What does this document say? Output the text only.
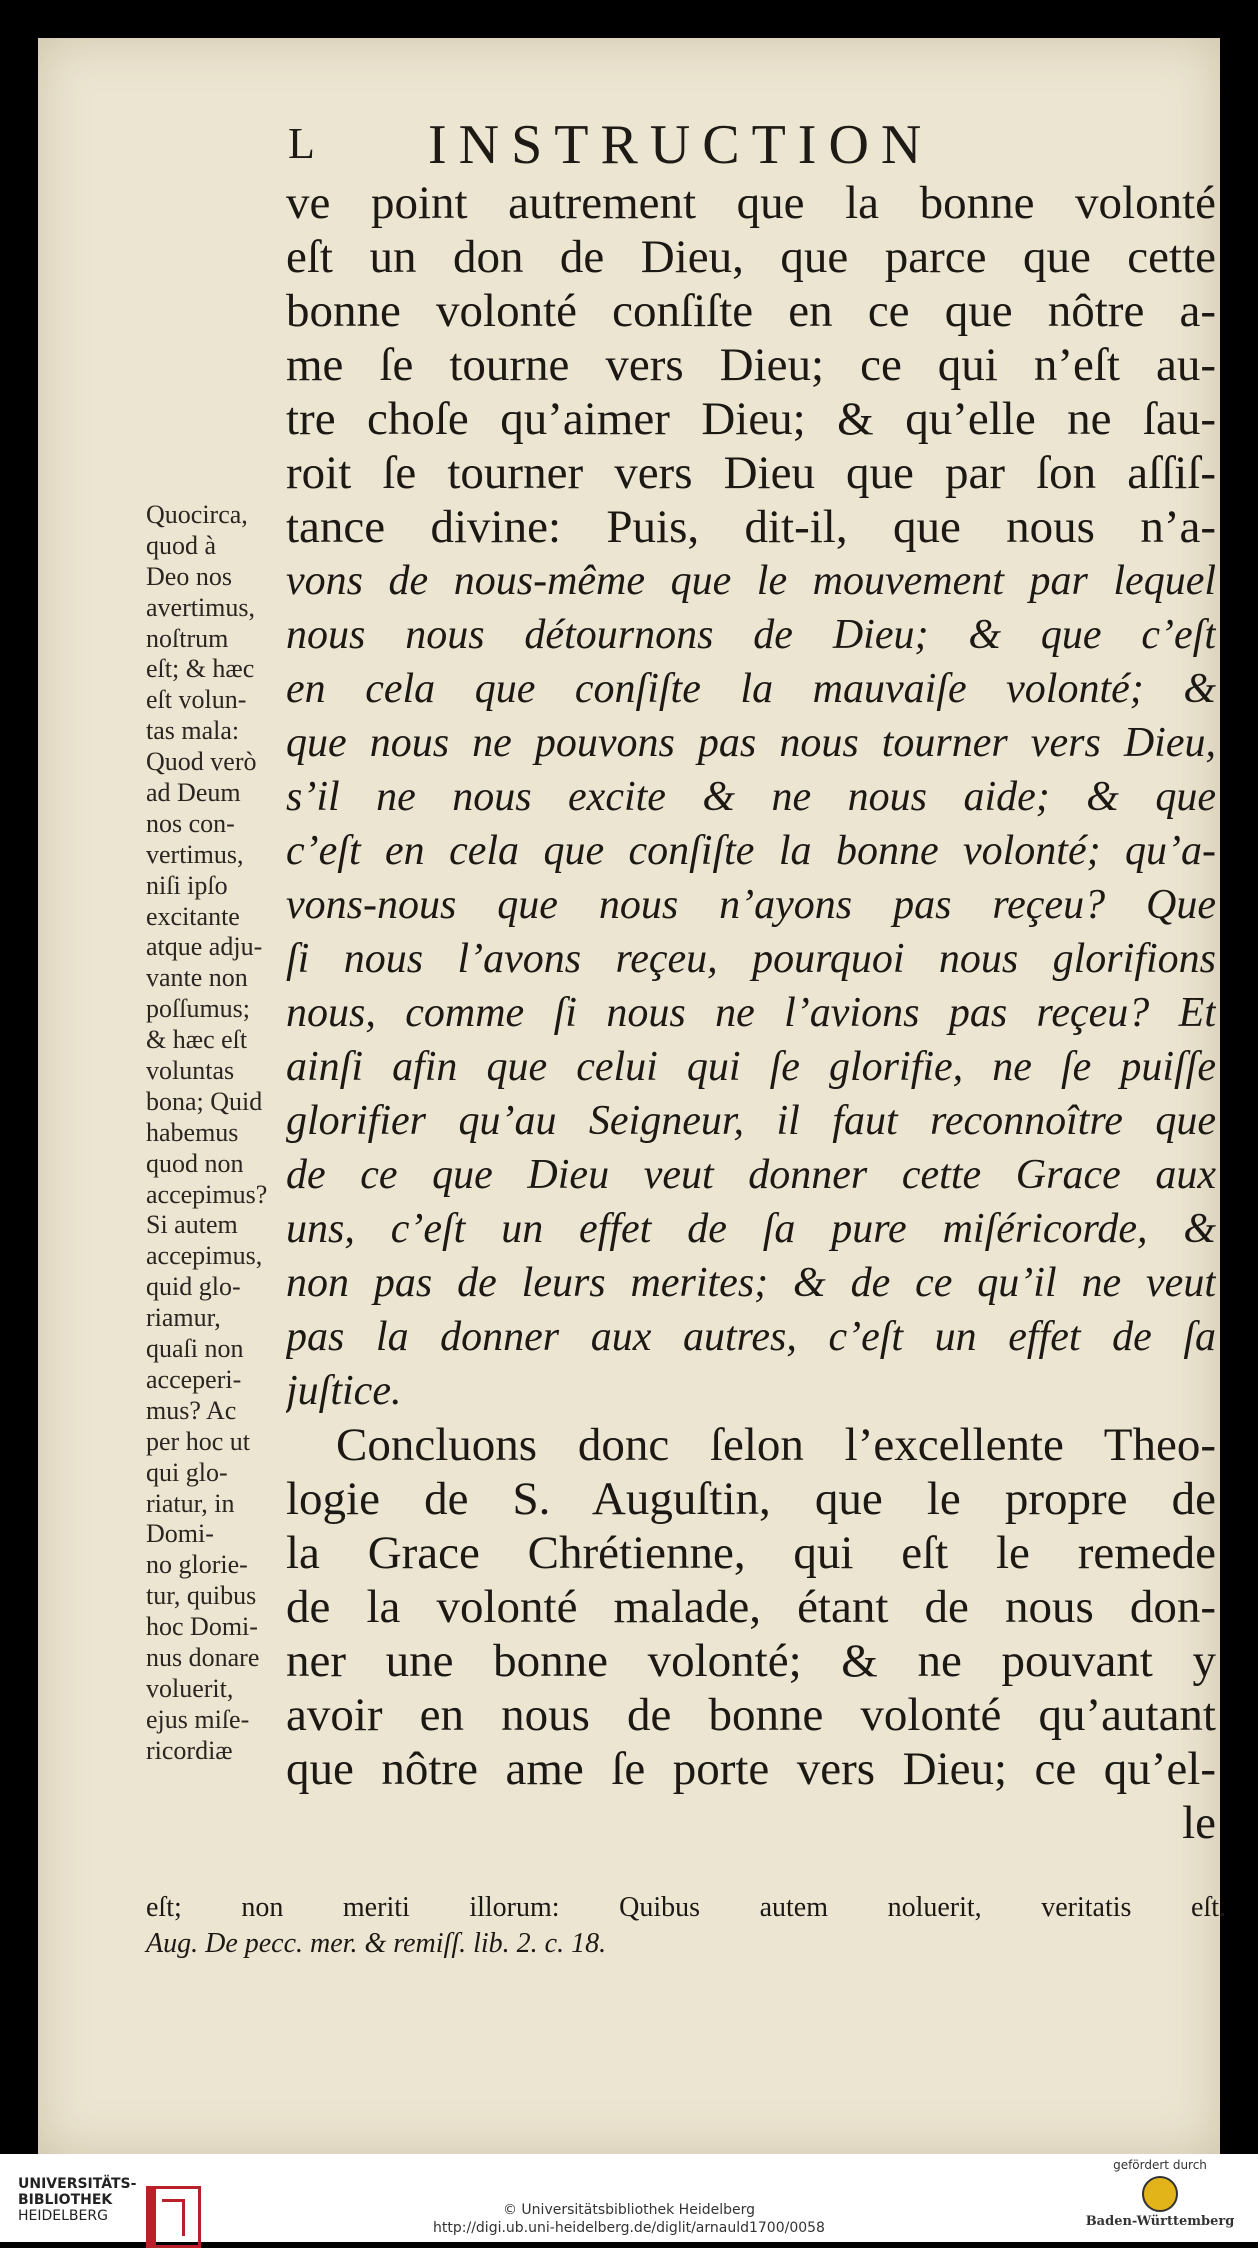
L INSTRUCTION
ve point autrement que la bonne volonté
eſt un don de Dieu, que parce que cette
bonne volonté conſiſte en ce que nôtre a-
me ſe tourne vers Dieu; ce qui n’eſt au-
tre choſe qu’aimer Dieu; & qu’elle ne ſau-
roit ſe tourner vers Dieu que par ſon aſſiſ-
tance divine: Puis, dit-il, que nous n’a-
vons de nous-même que le mouvement par lequel
nous nous détournons de Dieu; & que c’eſt
en cela que conſiſte la mauvaiſe volonté; &
que nous ne pouvons pas nous tourner vers Dieu,
s’il ne nous excite & ne nous aide; & que
c’eſt en cela que conſiſte la bonne volonté; qu’a-
vons-nous que nous n’ayons pas reçeu? Que
ſi nous l’avons reçeu, pourquoi nous glorifions
nous, comme ſi nous ne l’avions pas reçeu? Et
ainſi afin que celui qui ſe glorifie, ne ſe puiſſe
glorifier qu’au Seigneur, il faut reconnoître que
de ce que Dieu veut donner cette Grace aux
uns, c’eſt un effet de ſa pure miſéricorde, &
non pas de leurs merites; & de ce qu’il ne veut
pas la donner aux autres, c’eſt un effet de ſa
juſtice.
Concluons donc ſelon l’excellente Theo-
logie de S. Auguſtin, que le propre de
la Grace Chrétienne, qui eſt le remede
de la volonté malade, étant de nous don-
ner une bonne volonté; & ne pouvant y
avoir en nous de bonne volonté qu’autant
que nôtre ame ſe porte vers Dieu; ce qu’el-
le
Quocirca,
quod à
Deo nos
avertimus,
noſtrum
eſt; & hæc
eſt volun-
tas mala:
Quod verò
ad Deum
nos con-
vertimus,
niſi ipſo
excitante
atque adju-
vante non
poſſumus;
& hæc eſt
voluntas
bona; Quid
habemus
quod non
accepimus?
Si autem
accepimus,
quid glo-
riamur,
quaſi non
acceperi-
mus? Ac
per hoc ut
qui glo-
riatur, in
Domi-
no glorie-
tur, quibus
hoc Domi-
nus donare
voluerit,
ejus miſe-
ricordiæ
eſt; non meriti illorum: Quibus autem noluerit, veritatis eſt.
Aug. De pecc. mer. & remiſſ. lib. 2. c. 18.
UNIVERSITÄTS-
BIBLIOTHEK
HEIDELBERG	© Universitätsbibliothek Heidelberg
http://digi.ub.uni-heidelberg.de/diglit/arnauld1700/0058
gefördert durch
Baden-Württemberg
